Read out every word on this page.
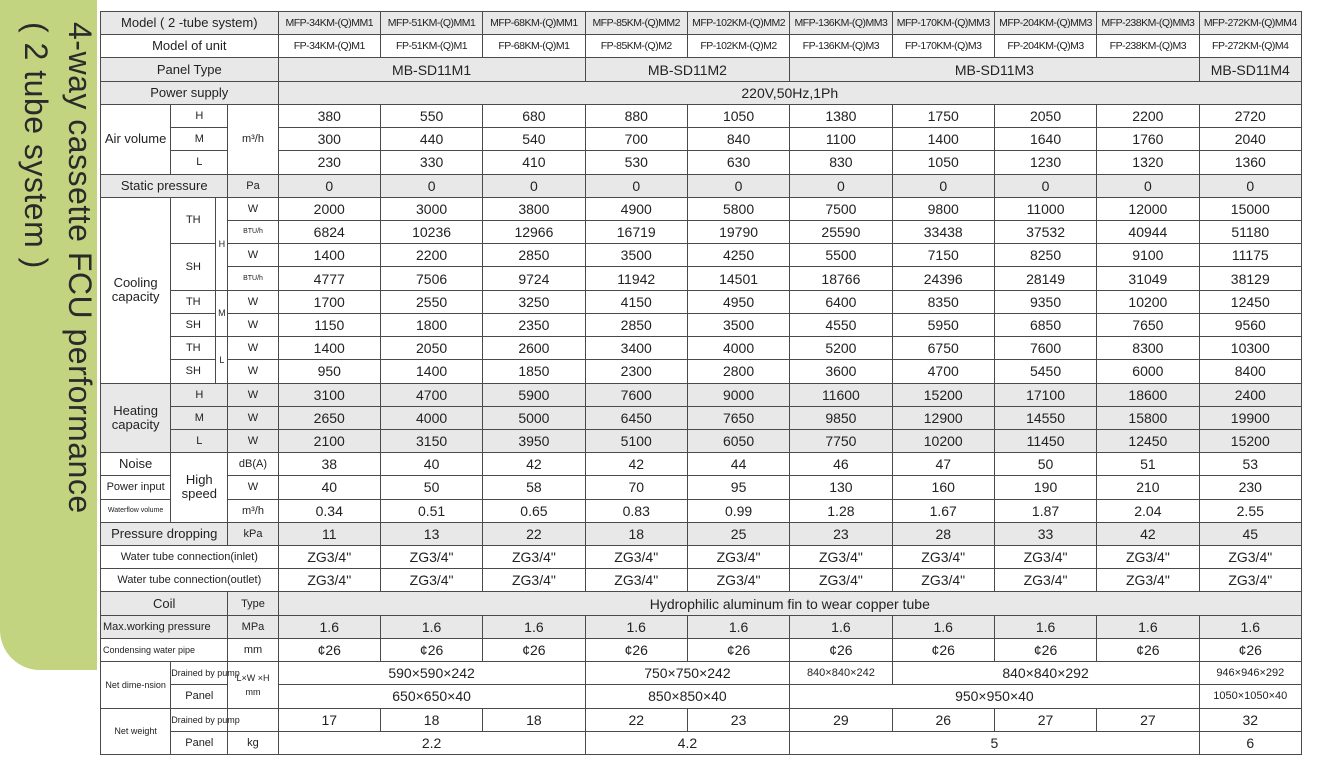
4-way cassette FCU performance
( 2 tube system )
Model ( 2 -tube system)				MFP-34KM-(Q)MM1	MFP-51KM-(Q)MM1	MFP-68KM-(Q)MM1	MFP-85KM-(Q)MM2	MFP-102KM-(Q)MM2	MFP-136KM-(Q)MM3	MFP-170KM-(Q)MM3	MFP-204KM-(Q)MM3	MFP-238KM-(Q)MM3	MFP-272KM-(Q)MM4
Model of unit				FP-34KM-(Q)M1	FP-51KM-(Q)M1	FP-68KM-(Q)M1	FP-85KM-(Q)M2	FP-102KM-(Q)M2	FP-136KM-(Q)M3	FP-170KM-(Q)M3	FP-204KM-(Q)M3	FP-238KM-(Q)M3	FP-272KM-(Q)M4
Panel Type				MB-SD11M1			MB-SD11M2		MB-SD11M3				MB-SD11M4
Power supply				220V,50Hz,1Ph									
Air volume	H		m³/h	380	550	680	880	1050	1380	1750	2050	2200	2720
	M			300	440	540	700	840	1100	1400	1640	1760	2040
	L			230	330	410	530	630	830	1050	1230	1320	1360
Static pressure			Pa	0	0	0	0	0	0	0	0	0	0
Cooling capacity	TH	H	W	2000	3000	3800	4900	5800	7500	9800	11000	12000	15000
			BTU/h	6824	10236	12966	16719	19790	25590	33438	37532	40944	51180
	SH		W	1400	2200	2850	3500	4250	5500	7150	8250	9100	11175
			BTU/h	4777	7506	9724	11942	14501	18766	24396	28149	31049	38129
	TH	M	W	1700	2550	3250	4150	4950	6400	8350	9350	10200	12450
	SH		W	1150	1800	2350	2850	3500	4550	5950	6850	7650	9560
	TH	L	W	1400	2050	2600	3400	4000	5200	6750	7600	8300	10300
	SH		W	950	1400	1850	2300	2800	3600	4700	5450	6000	8400
Heating capacity	H		W	3100	4700	5900	7600	9000	11600	15200	17100	18600	2400
	M		W	2650	4000	5000	6450	7650	9850	12900	14550	15800	19900
	L		W	2100	3150	3950	5100	6050	7750	10200	11450	12450	15200
Noise	High speed		dB(A)	38	40	42	42	44	46	47	50	51	53
Power input			W	40	50	58	70	95	130	160	190	210	230
Waterflow volume			m³/h	0.34	0.51	0.65	0.83	0.99	1.28	1.67	1.87	2.04	2.55
Pressure dropping			kPa	11	13	22	18	25	23	28	33	42	45
Water tube connection(inlet)				ZG3/4"	ZG3/4"	ZG3/4"	ZG3/4"	ZG3/4"	ZG3/4"	ZG3/4"	ZG3/4"	ZG3/4"	ZG3/4"
Water tube connection(outlet)				ZG3/4"	ZG3/4"	ZG3/4"	ZG3/4"	ZG3/4"	ZG3/4"	ZG3/4"	ZG3/4"	ZG3/4"	ZG3/4"
Coil			Type	Hydrophilic aluminum fin to wear copper tube									
Max.working pressure			MPa	1.6	1.6	1.6	1.6	1.6	1.6	1.6	1.6	1.6	1.6
Condensing water pipe			mm	¢26	¢26	¢26	¢26	¢26	¢26	¢26	¢26	¢26	¢26
Net dime-nsion	Drained by pump		L×W ×H mm	590×590×242			750×750×242		840×840×242	840×840×292			946×946×292
	Panel			650×650×40			850×850×40		950×950×40				1050×1050×40
Net weight	Drained by pump			17	18	18	22	23	29	26	27	27	32
	Panel		kg	2.2			4.2		5				6
